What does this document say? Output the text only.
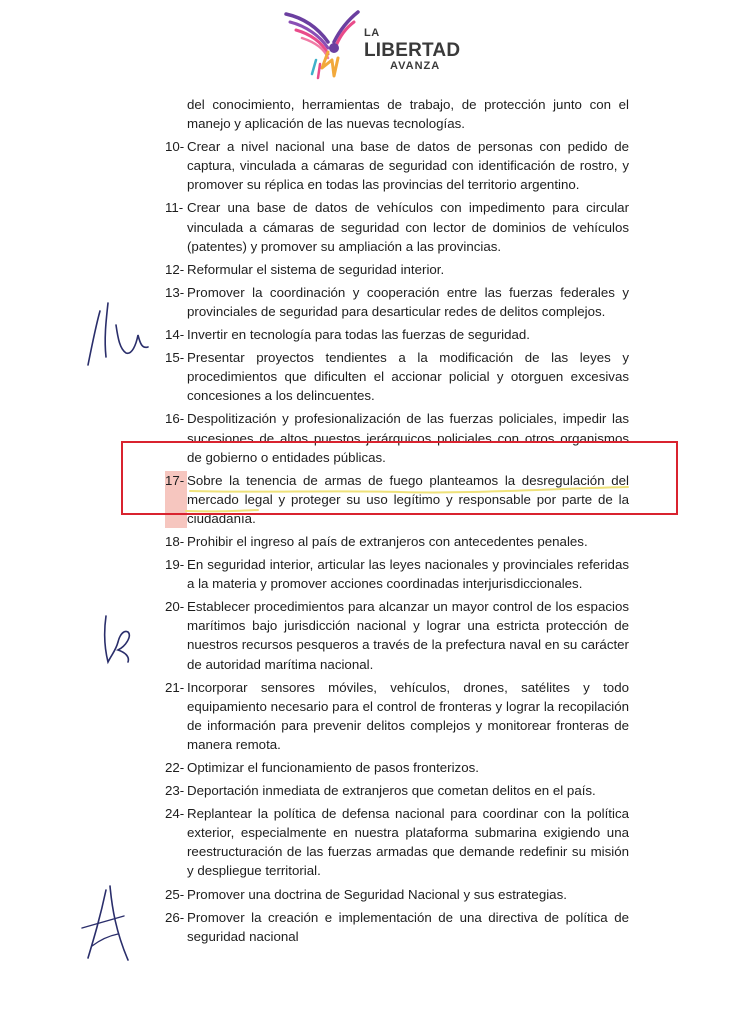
LA
LIBERTAD
AVANZA

del conocimiento, herramientas de trabajo, de protección junto con el manejo y aplicación de las nuevas tecnologías.

10- Crear a nivel nacional una base de datos de personas con pedido de captura, vinculada a cámaras de seguridad con identificación de rostro, y promover su réplica en todas las provincias del territorio argentino.
11- Crear una base de datos de vehículos con impedimento para circular vinculada a cámaras de seguridad con lector de dominios de vehículos (patentes) y promover su ampliación a las provincias.
12- Reformular el sistema de seguridad interior.
13- Promover la coordinación y cooperación entre las fuerzas federales y provinciales de seguridad para desarticular redes de delitos complejos.
14- Invertir en tecnología para todas las fuerzas de seguridad.
15- Presentar proyectos tendientes a la modificación de las leyes y procedimientos que dificulten el accionar policial y otorguen excesivas concesiones a los delincuentes.
16- Despolitización y profesionalización de las fuerzas policiales, impedir las sucesiones de altos puestos jerárquicos policiales con otros organismos de gobierno o entidades públicas.
17- Sobre la tenencia de armas de fuego planteamos la desregulación del mercado legal y proteger su uso legítimo y responsable por parte de la ciudadanía.
18- Prohibir el ingreso al país de extranjeros con antecedentes penales.
19- En seguridad interior, articular las leyes nacionales y provinciales referidas a la materia y promover acciones coordinadas interjurisdiccionales.
20- Establecer procedimientos para alcanzar un mayor control de los espacios marítimos bajo jurisdicción nacional y lograr una estricta protección de nuestros recursos pesqueros a través de la prefectura naval en su carácter de autoridad marítima nacional.
21- Incorporar sensores móviles, vehículos, drones, satélites y todo equipamiento necesario para el control de fronteras y lograr la recopilación de información para prevenir delitos complejos y monitorear fronteras de manera remota.
22- Optimizar el funcionamiento de pasos fronterizos.
23- Deportación inmediata de extranjeros que cometan delitos en el país.
24- Replantear la política de defensa nacional para coordinar con la política exterior, especialmente en nuestra plataforma submarina exigiendo una reestructuración de las fuerzas armadas que demande redefinir su misión y despliegue territorial.
25- Promover una doctrina de Seguridad Nacional y sus estrategias.
26- Promover la creación e implementación de una directiva de política de seguridad nacional
